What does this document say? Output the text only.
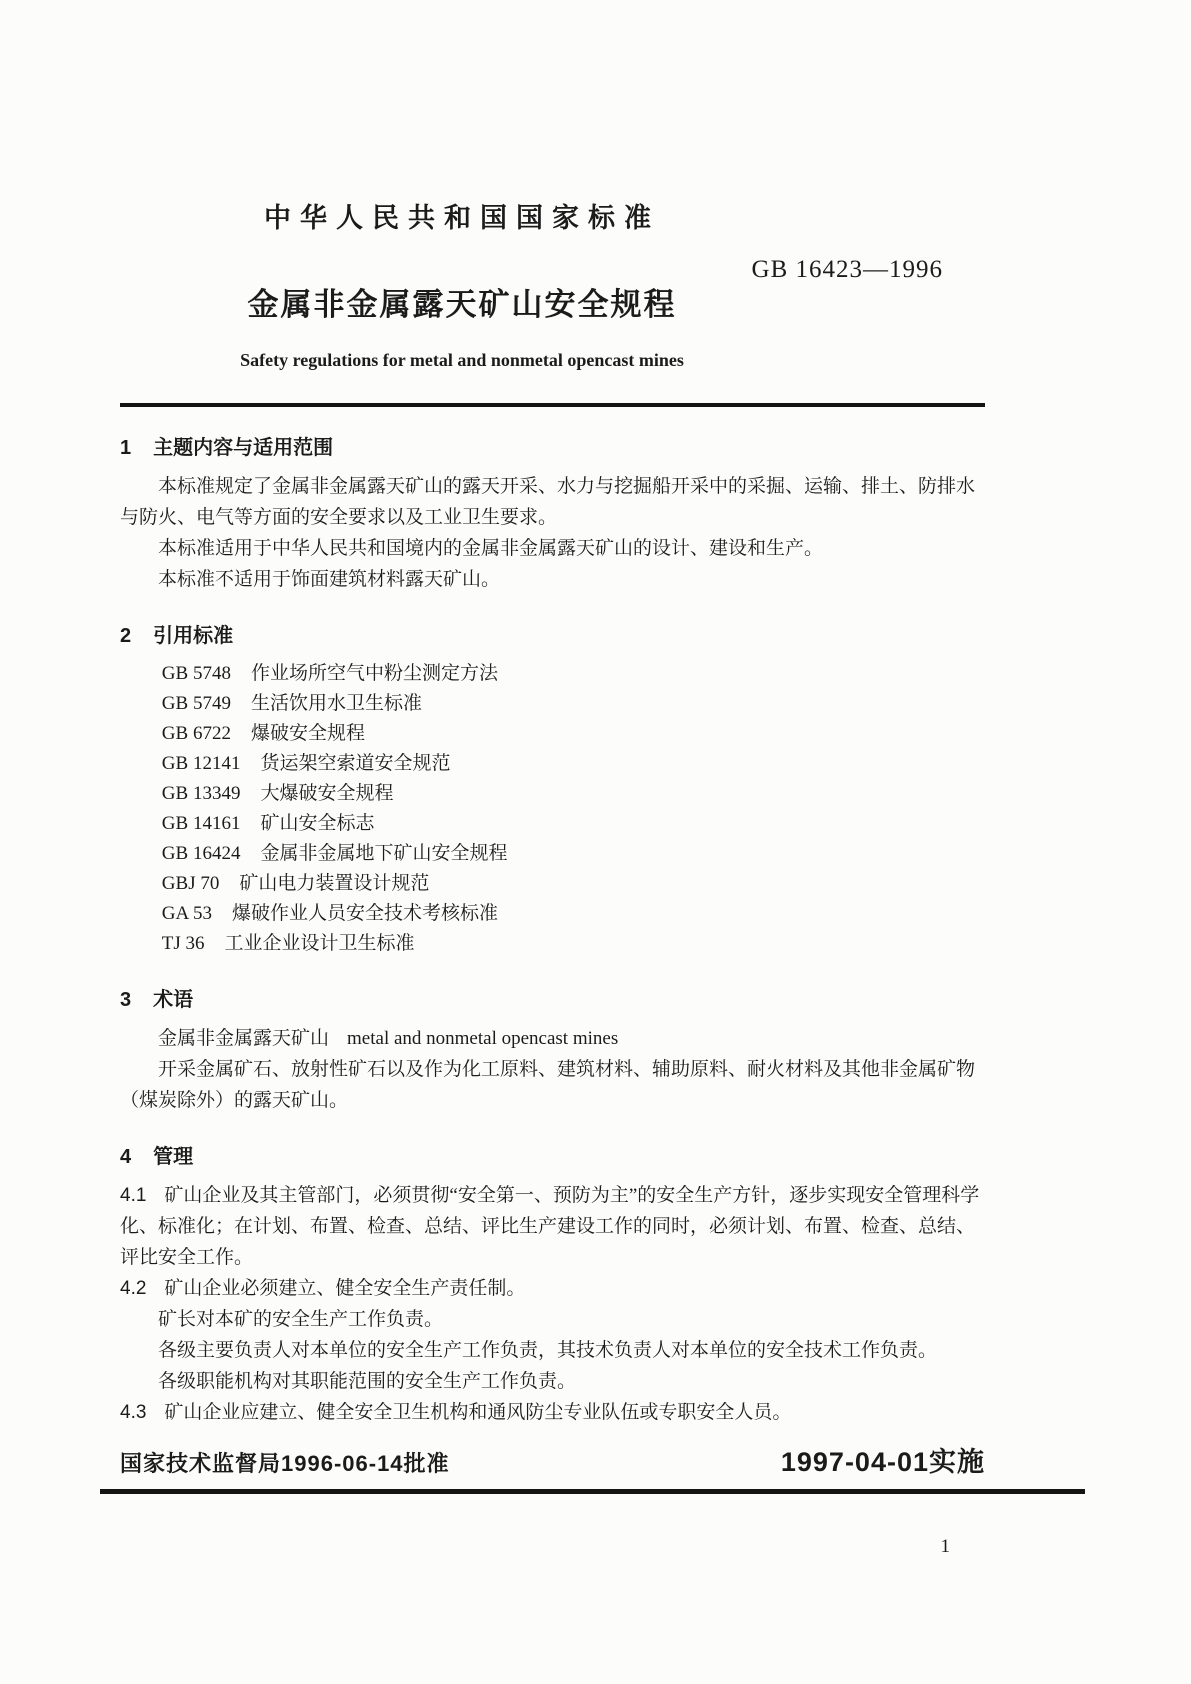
中华人民共和国国家标准
GB 16423—1996
金属非金属露天矿山安全规程
Safety regulations for metal and nonmetal opencast mines
1 主题内容与适用范围

本标准规定了金属非金属露天矿山的露天开采、水力与挖掘船开采中的采掘、运输、排土、防排水与防火、电气等方面的安全要求以及工业卫生要求。

本标准适用于中华人民共和国境内的金属非金属露天矿山的设计、建设和生产。

本标准不适用于饰面建筑材料露天矿山。

2 引用标准
GB 5748 作业场所空气中粉尘测定方法
GB 5749 生活饮用水卫生标准
GB 6722 爆破安全规程
GB 12141 货运架空索道安全规范
GB 13349 大爆破安全规程
GB 14161 矿山安全标志
GB 16424 金属非金属地下矿山安全规程
GBJ 70 矿山电力装置设计规范
GA 53 爆破作业人员安全技术考核标准
TJ 36 工业企业设计卫生标准
3 术语

金属非金属露天矿山 metal and nonmetal opencast mines

开采金属矿石、放射性矿石以及作为化工原料、建筑材料、辅助原料、耐火材料及其他非金属矿物（煤炭除外）的露天矿山。

4 管理

4.1 矿山企业及其主管部门，必须贯彻“安全第一、预防为主”的安全生产方针，逐步实现安全管理科学化、标准化；在计划、布置、检查、总结、评比生产建设工作的同时，必须计划、布置、检查、总结、评比安全工作。

4.2 矿山企业必须建立、健全安全生产责任制。

矿长对本矿的安全生产工作负责。

各级主要负责人对本单位的安全生产工作负责，其技术负责人对本单位的安全技术工作负责。

各级职能机构对其职能范围的安全生产工作负责。

4.3 矿山企业应建立、健全安全卫生机构和通风防尘专业队伍或专职安全人员。

国家技术监督局1996-06-14批准	1997-04-01实施
1
